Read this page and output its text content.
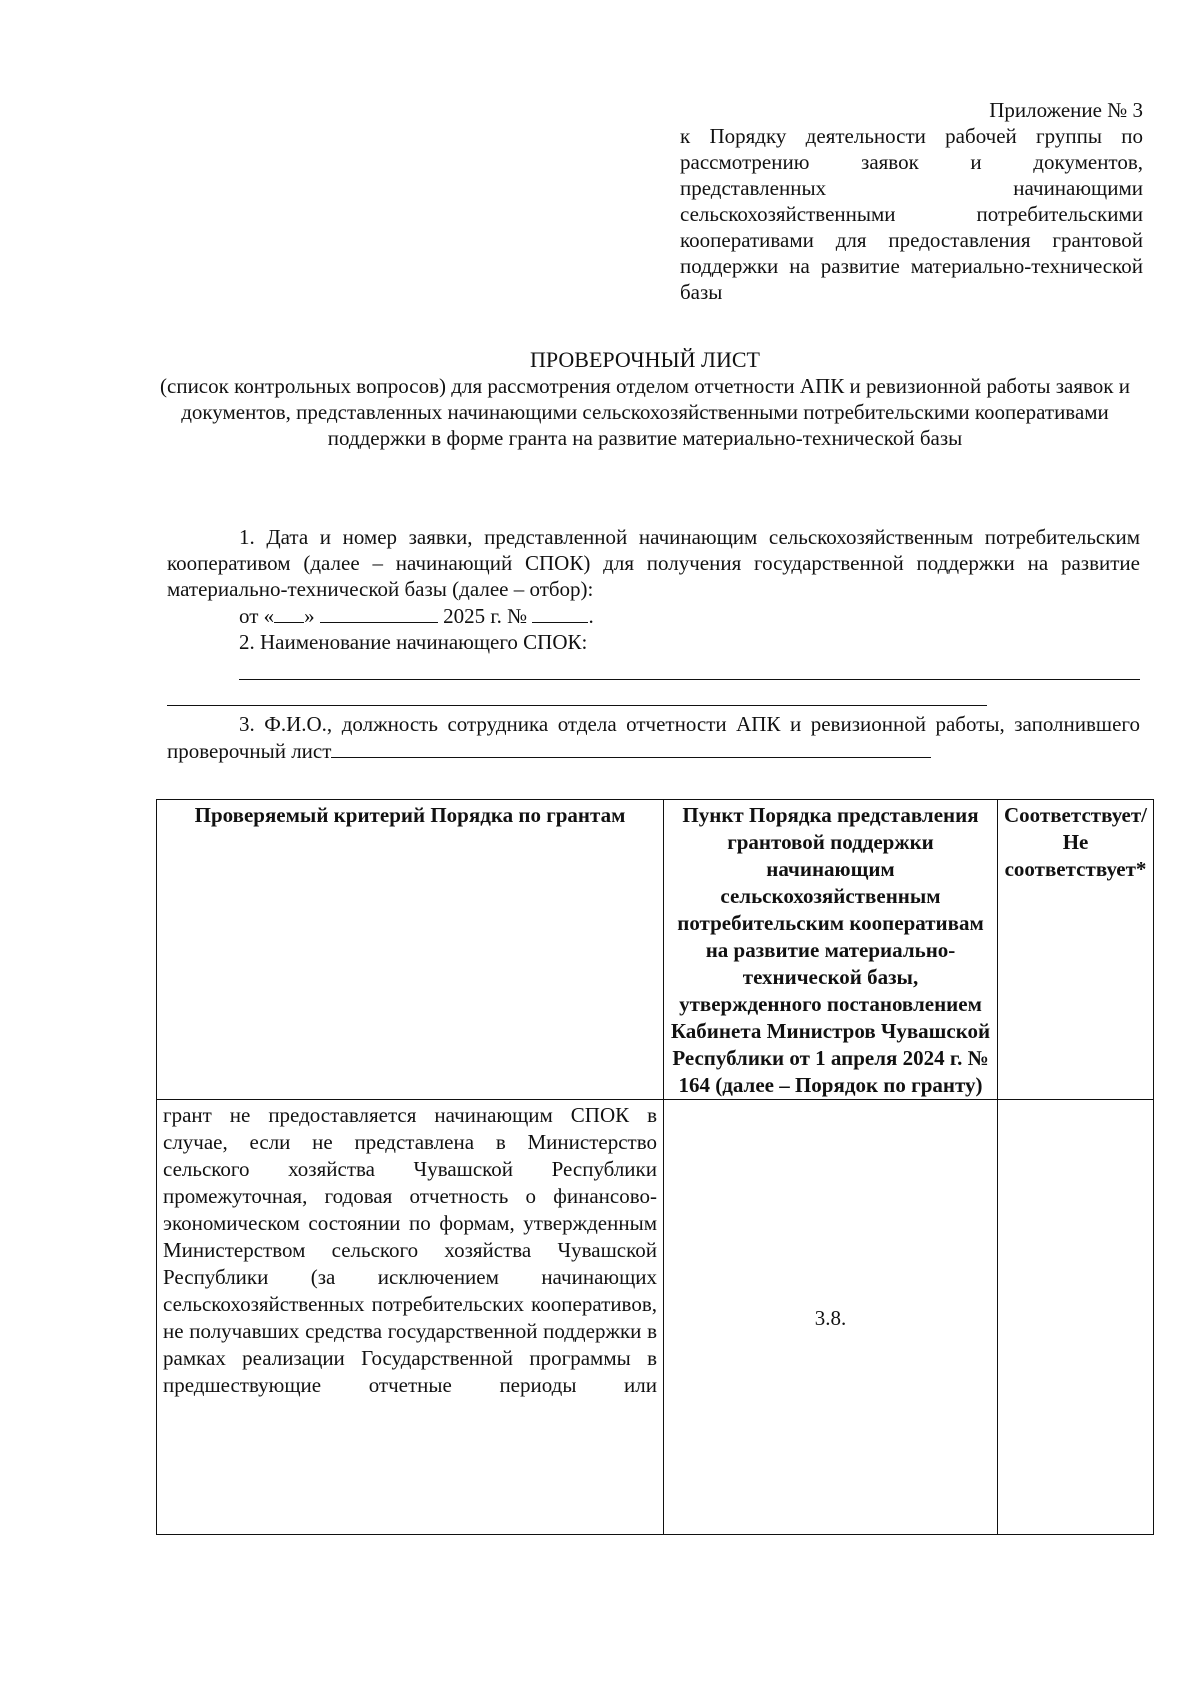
Приложение № 3
к Порядку деятельности рабочей группы по рассмотрению заявок и документов, представленных начинающими сельскохозяйственными потребительскими кооперативами для предоставления грантовой поддержки на развитие материально-технической базы
ПРОВЕРОЧНЫЙ ЛИСТ
(список контрольных вопросов) для рассмотрения отделом отчетности АПК и ревизионной работы заявок и документов, представленных начинающими сельскохозяйственными потребительскими кооперативами поддержки в форме гранта на развитие материально-технической базы
1. Дата и номер заявки, представленной начинающим сельскохозяйственным потребительским кооперативом (далее – начинающий СПОК) для получения государственной поддержки на развитие материально-технической базы (далее – отбор):
от « »	2025 г. №	.
2. Наименование начинающего СПОК:
3. Ф.И.О., должность сотрудника отдела отчетности АПК и ревизионной работы, заполнившего проверочный лист
Проверяемый критерий Порядка по грантам	Пункт Порядка представления грантовой поддержки начинающим сельскохозяйственным потребительским кооперативам на развитие материально-технической базы, утвержденного постановлением Кабинета Министров Чувашской Республики от 1 апреля 2024 г. № 164 (далее – Порядок по гранту)	Соответствует/ Не соответствует*
грант не предоставляется начинающим СПОК в случае, если не представлена в Министерство сельского хозяйства Чувашской Республики промежуточная, годовая отчетность о финансово-экономическом состоянии по формам, утвержденным Министерством сельского хозяйства Чувашской Республики (за исключением начинающих сельскохозяйственных потребительских кооперативов, не получавших средства государственной поддержки в рамках реализации Государственной программы в предшествующие отчетные периоды или	3.8.	
